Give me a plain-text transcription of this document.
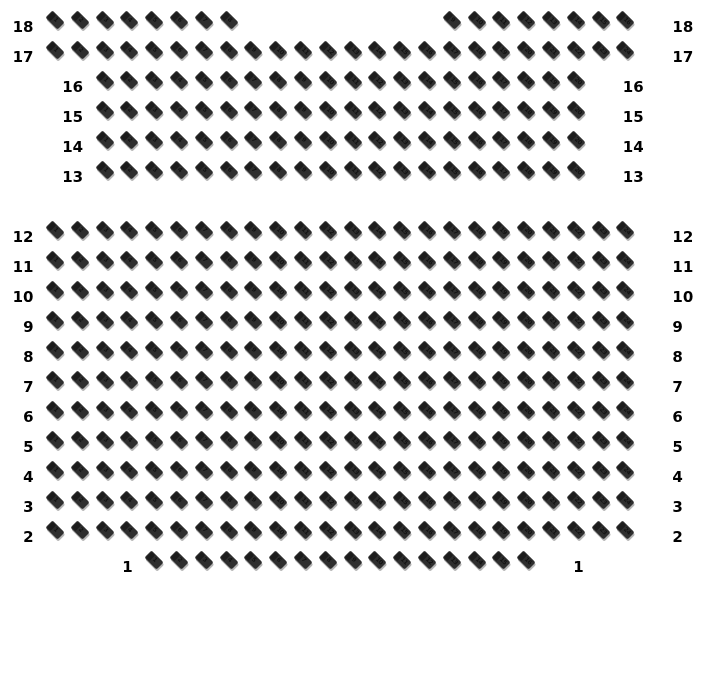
18	18
1	2	3	4	5	6	7	8	9	10 11 12 13 14 15 16
17	17
1	2	3	4	5	6	7	8	9	10 11 12 13 14 15 16 17 18 19 20 21 22 23 24
16	16
1	2	3	4	5	6	7	8	9	10 11 12 13 14 15 16 17 18 19 20
15	15
1	2	3	4	5	6	7	8	9	10 11 12 13 14 15 16 17 18 19 20
14	14
1	2	3	4	5	6	7	8	9	10 11 12 13 14 15 16 17 18 19 20
13	13
1	2	3	4	5	6	7	8	9	10 11 12 13 14 15 16 17 18 19 20
12	12
1	2	3	4	5	6	7	8	9	10 11 12 13 14 15 16 17 18 19 20 21 22 23 24
11	11
1	2	3	4	5	6	7	8	9	10 11 12 13 14 15 16 17 18 19 20 21 22 23 24
10	10
1	2	3	4	5	6	7	8	9	10 11 12 13 14 15 16 17 18 19 20 21 22 23 24
9	9
1	2	3	4	5	6	7	8	9	10 11 12 13 14 15 16 17 18 19 20 21 22 23 24
8	8
1	2	3	4	5	6	7	8	9	10 11 12 13 14 15 16 17 18 19 20 21 22 23 24
7	7
1	2	3	4	5	6	7	8	9	10 11 12 13 14 15 16 17 18 19 20 21 22 23 24
6	6
1	2	3	4	5	6	7	8	9	10 11 12 13 14 15 16 17 18 19 20 21 22 23 24
5	5
1	2	3	4	5	6	7	8	9	10 11 12 13 14 15 16 17 18 19 20 21 22 23 24
4	4
1	2	3	4	5	6	7	8	9	10 11 12 13 14 15 16 17 18 19 20 21 22 23 24
3	3
1	2	3	4	5	6	7	8	9	10 11 12 13 14 15 16 17 18 19 20 21 22 23 24
2	2
1	2	3	4	5	6	7	8	9	10 11 12 13 14 15 16 17 18 19 20 21 22 23 24
1	1
1	2	3	4	5	6	7	8	9	10 11 12 13 14 15 16
